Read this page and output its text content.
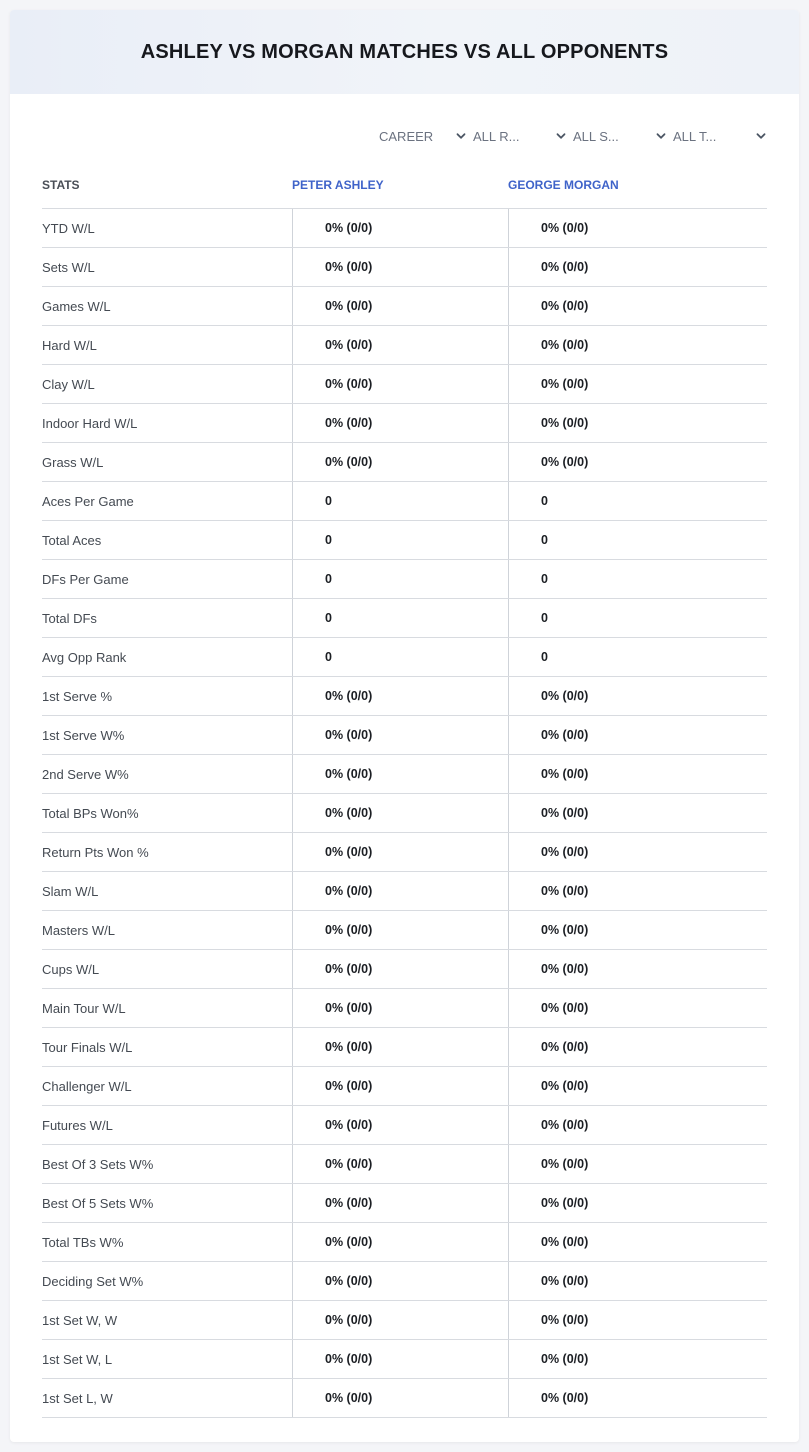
ASHLEY VS MORGAN MATCHES VS ALL OPPONENTS
CAREER	ALL R...	ALL S...	ALL T...
STATS	PETER ASHLEY	GEORGE MORGAN
YTD W/L	0% (0/0)	0% (0/0)
Sets W/L	0% (0/0)	0% (0/0)
Games W/L	0% (0/0)	0% (0/0)
Hard W/L	0% (0/0)	0% (0/0)
Clay W/L	0% (0/0)	0% (0/0)
Indoor Hard W/L	0% (0/0)	0% (0/0)
Grass W/L	0% (0/0)	0% (0/0)
Aces Per Game	0	0
Total Aces	0	0
DFs Per Game	0	0
Total DFs	0	0
Avg Opp Rank	0	0
1st Serve %	0% (0/0)	0% (0/0)
1st Serve W%	0% (0/0)	0% (0/0)
2nd Serve W%	0% (0/0)	0% (0/0)
Total BPs Won%	0% (0/0)	0% (0/0)
Return Pts Won %	0% (0/0)	0% (0/0)
Slam W/L	0% (0/0)	0% (0/0)
Masters W/L	0% (0/0)	0% (0/0)
Cups W/L	0% (0/0)	0% (0/0)
Main Tour W/L	0% (0/0)	0% (0/0)
Tour Finals W/L	0% (0/0)	0% (0/0)
Challenger W/L	0% (0/0)	0% (0/0)
Futures W/L	0% (0/0)	0% (0/0)
Best Of 3 Sets W%	0% (0/0)	0% (0/0)
Best Of 5 Sets W%	0% (0/0)	0% (0/0)
Total TBs W%	0% (0/0)	0% (0/0)
Deciding Set W%	0% (0/0)	0% (0/0)
1st Set W, W	0% (0/0)	0% (0/0)
1st Set W, L	0% (0/0)	0% (0/0)
1st Set L, W	0% (0/0)	0% (0/0)
